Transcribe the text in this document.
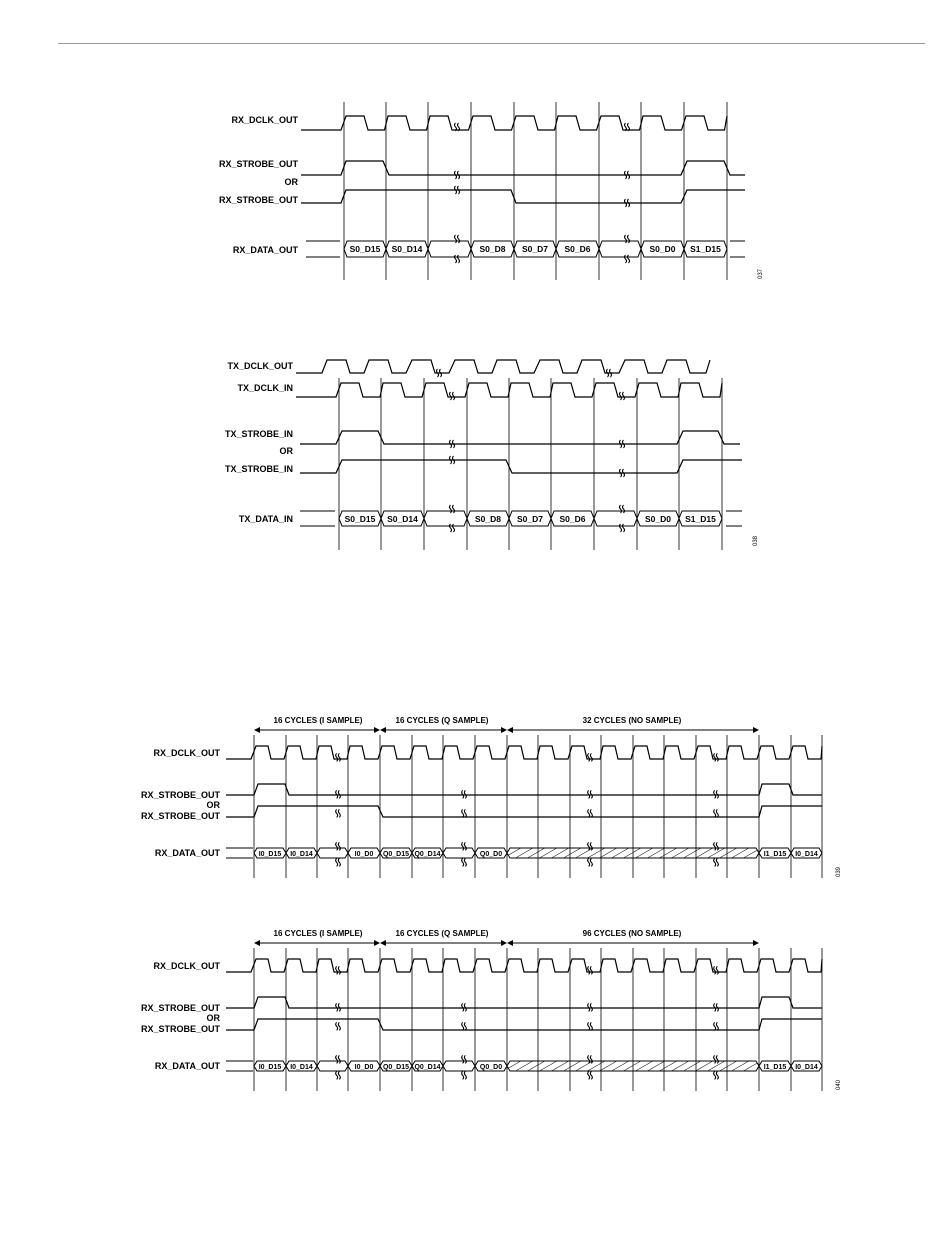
RX_DCLK_OUT
RX_STROBE_OUT
OR
RX_STROBE_OUT
RX_DATA_OUT
037
S0_D15 S0_D14	S0_D8 S0_D7 S0_D6	S0_D0 S1_D15
TX_DCLK_OUT
TX_DCLK_IN
TX_STROBE_IN
OR
TX_STROBE_IN
TX_DATA_IN
038
S0_D15 S0_D14	S0_D8 S0_D7 S0_D6	S0_D0 S1_D15
16 CYCLES (I SAMPLE)	16 CYCLES (Q SAMPLE)	32 CYCLES (NO SAMPLE)
RX_DCLK_OUT
RX_STROBE_OUT
OR
RX_STROBE_OUT
RX_DATA_OUT
039
I0_D15 I0_D14	I0_D0 Q0_D15 Q0_D14	Q0_D0	I1_D15 I0_D14
16 CYCLES (I SAMPLE)	16 CYCLES (Q SAMPLE)	96 CYCLES (NO SAMPLE)
RX_DCLK_OUT
RX_STROBE_OUT
OR
RX_STROBE_OUT
RX_DATA_OUT
040
I0_D15 I0_D14	I0_D0 Q0_D15 Q0_D14	Q0_D0	I1_D15 I0_D14
